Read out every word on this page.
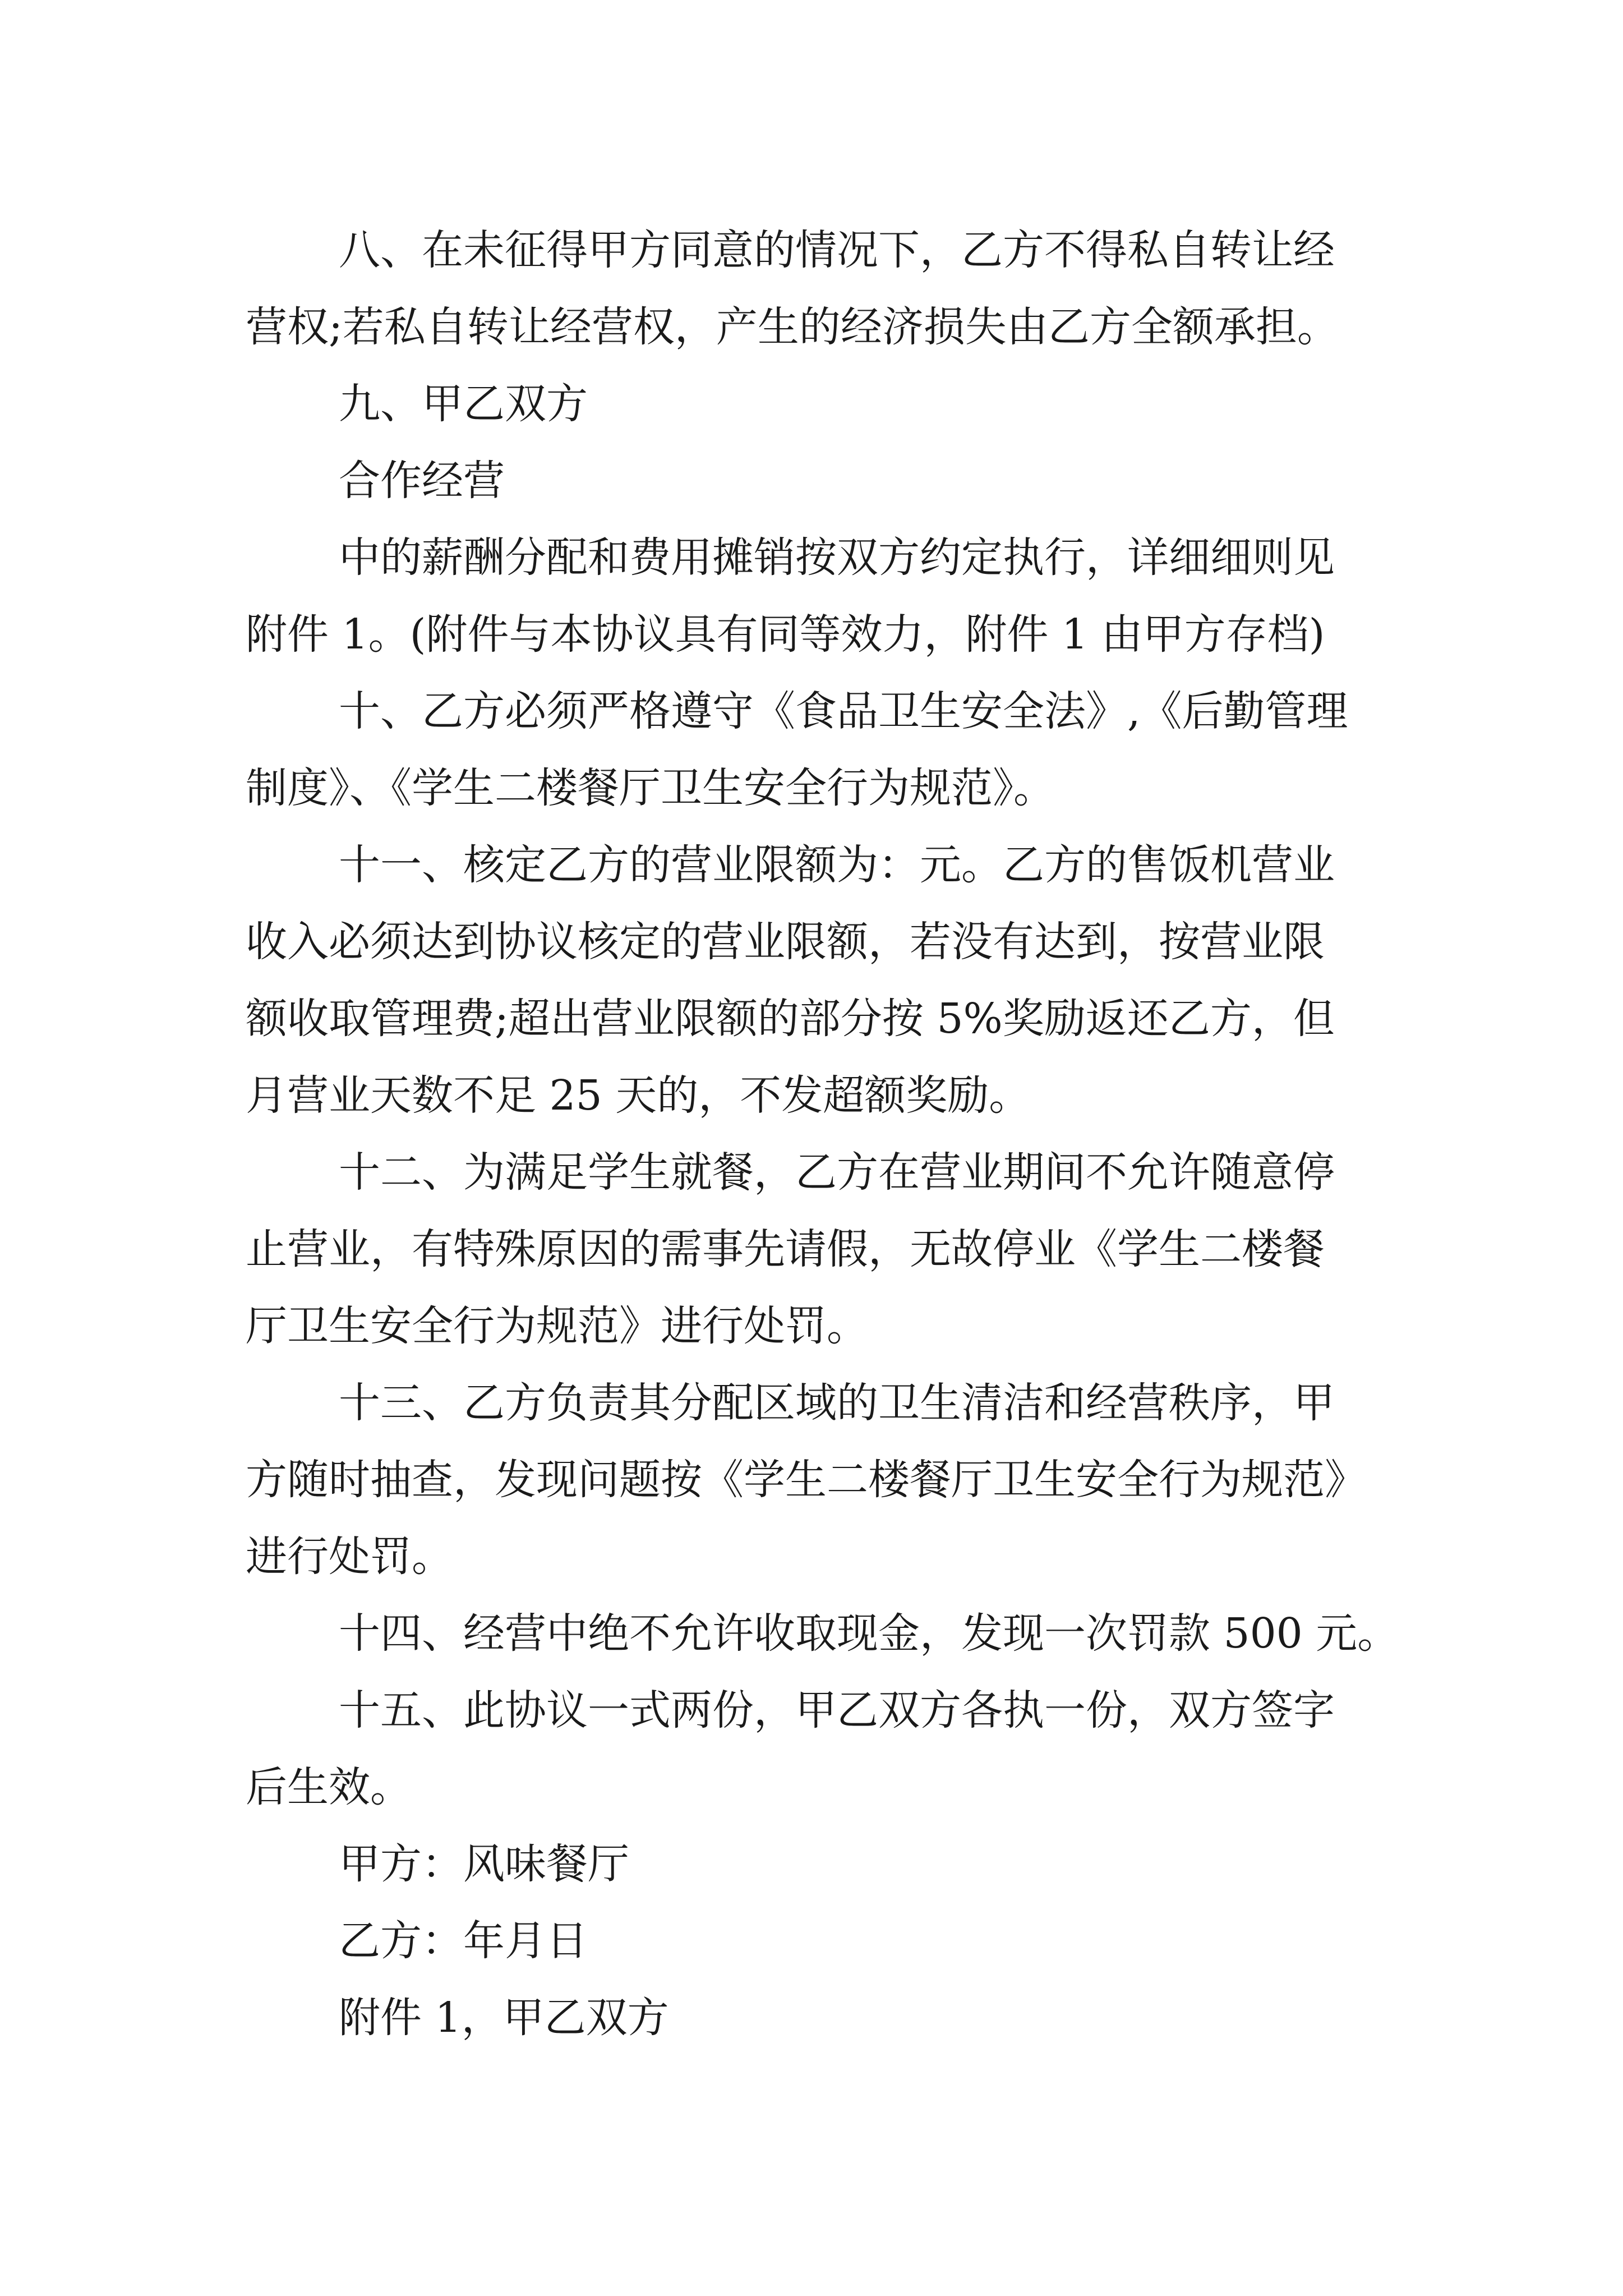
八、在未征得甲方同意的情况下，乙方不得私自转让经
营权;若私自转让经营权，产生的经济损失由乙方全额承担。
九、甲乙双方
合作经营
中的薪酬分配和费用摊销按双方约定执行，详细细则见
附件 1。(附件与本协议具有同等效力，附件 1 由甲方存档)
十、乙方必须严格遵守《食品卫生安全法》,《后勤管理
制度》、《学生二楼餐厅卫生安全行为规范》。
十一、核定乙方的营业限额为：元。乙方的售饭机营业
收入必须达到协议核定的营业限额，若没有达到，按营业限
额收取管理费;超出营业限额的部分按 5%奖励返还乙方，但
月营业天数不足 25 天的，不发超额奖励。
十二、为满足学生就餐，乙方在营业期间不允许随意停
止营业，有特殊原因的需事先请假，无故停业《学生二楼餐
厅卫生安全行为规范》进行处罚。
十三、乙方负责其分配区域的卫生清洁和经营秩序，甲
方随时抽查，发现问题按《学生二楼餐厅卫生安全行为规范》
进行处罚。
十四、经营中绝不允许收取现金，发现一次罚款 500 元。
十五、此协议一式两份，甲乙双方各执一份，双方签字
后生效。
甲方：风味餐厅
乙方：年月日
附件 1，甲乙双方
